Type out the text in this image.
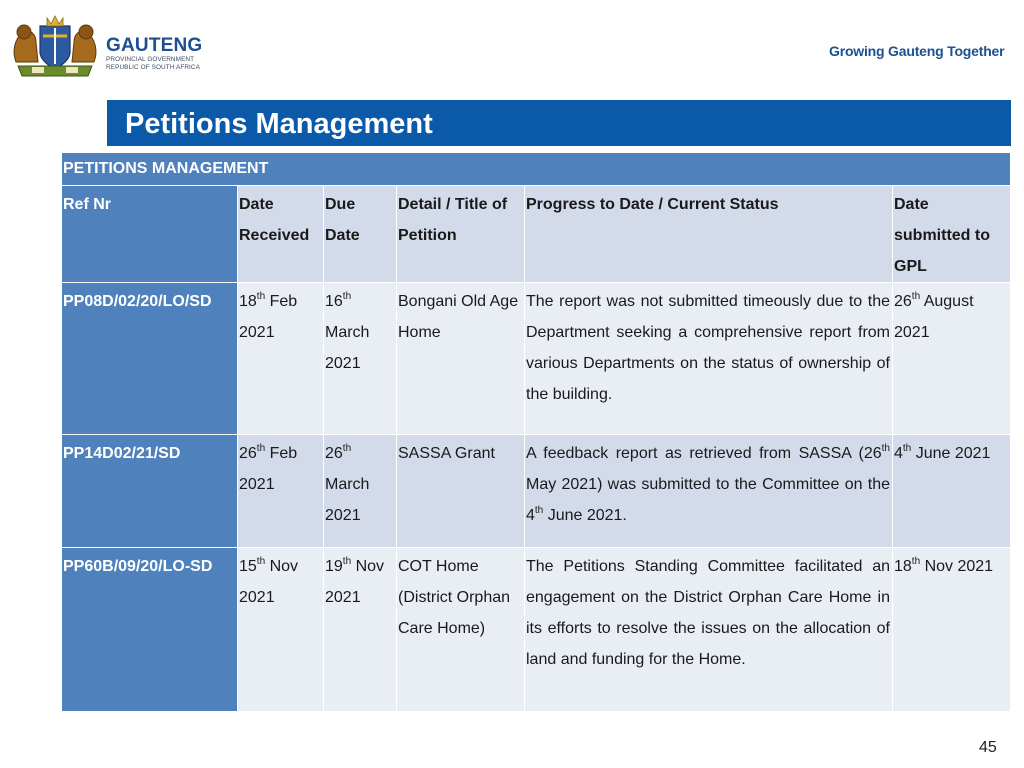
GAUTENG
PROVINCIAL GOVERNMENT
REPUBLIC OF SOUTH AFRICA
Growing Gauteng Together
Petitions Management
PETITIONS MANAGEMENT					
Ref Nr	Date Received	Due Date	Detail / Title of Petition	Progress to Date / Current Status	Date submitted to GPL
PP08D/02/20/LO/SD	18th Feb 2021	16th March 2021	Bongani Old Age Home	The report was not submitted timeously due to the Department seeking a comprehensive report from various Departments on the status of ownership of the building.	26th August 2021
PP14D02/21/SD	26th Feb 2021	26th March 2021	SASSA Grant	A feedback report as retrieved from SASSA (26th May 2021) was submitted to the Committee on the 4th June 2021.	4th June 2021
PP60B/09/20/LO-SD	15th Nov 2021	19th Nov 2021	COT Home (District Orphan Care Home)	The Petitions Standing Committee facilitated an engagement on the District Orphan Care Home in its efforts to resolve the issues on the allocation of land and funding for the Home.	18th Nov 2021
45
